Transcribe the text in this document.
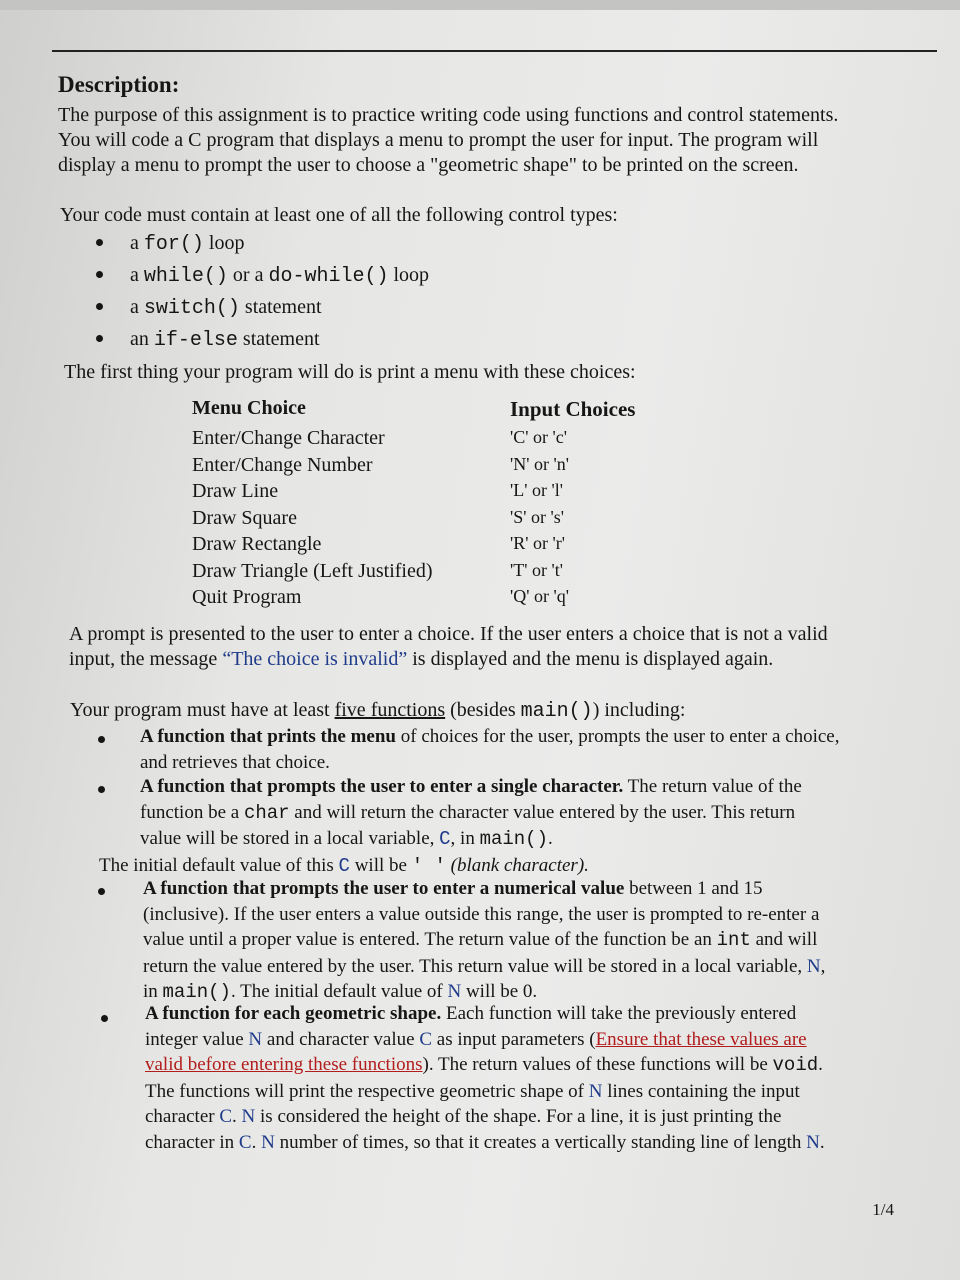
Description:
The purpose of this assignment is to practice writing code using functions and control statements.
You will code a C program that displays a menu to prompt the user for input. The program will
display a menu to prompt the user to choose a "geometric shape" to be printed on the screen.
Your code must contain at least one of all the following control types:
a for() loop
a while() or a do-while() loop
a switch() statement
an if-else statement
The first thing your program will do is print a menu with these choices:
Menu Choice	Input Choices
Enter/Change Character	'C' or 'c'
Enter/Change Number	'N' or 'n'
Draw Line	'L' or 'l'
Draw Square	'S' or 's'
Draw Rectangle	'R' or 'r'
Draw Triangle (Left Justified)	'T' or 't'
Quit Program	'Q' or 'q'
A prompt is presented to the user to enter a choice. If the user enters a choice that is not a valid
input, the message “The choice is invalid” is displayed and the menu is displayed again.
Your program must have at least five functions (besides main()) including:
A function that prints the menu of choices for the user, prompts the user to enter a choice,
and retrieves that choice.
A function that prompts the user to enter a single character. The return value of the
function be a char and will return the character value entered by the user. This return
value will be stored in a local variable, C, in main().
The initial default value of this C will be ' ' (blank character).
A function that prompts the user to enter a numerical value between 1 and 15
(inclusive). If the user enters a value outside this range, the user is prompted to re-enter a
value until a proper value is entered. The return value of the function be an int and will
return the value entered by the user. This return value will be stored in a local variable, N,
in main(). The initial default value of N will be 0.
A function for each geometric shape. Each function will take the previously entered
integer value N and character value C as input parameters (Ensure that these values are
valid before entering these functions). The return values of these functions will be void.
The functions will print the respective geometric shape of N lines containing the input
character C. N is considered the height of the shape. For a line, it is just printing the
character in C. N number of times, so that it creates a vertically standing line of length N.
1/4
